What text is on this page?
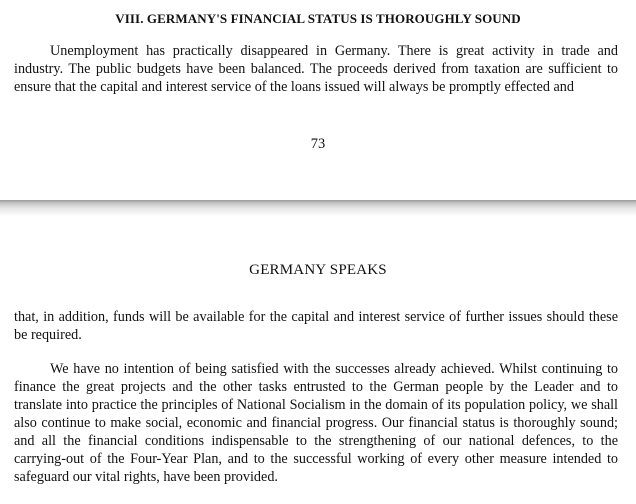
VIII. GERMANY'S FINANCIAL STATUS IS THOROUGHLY SOUND

Unemployment has practically disappeared in Germany. There is great activity in trade and industry. The public budgets have been balanced. The proceeds derived from taxation are sufficient to ensure that the capital and interest service of the loans issued will always be promptly effected and

73
GERMANY SPEAKS

that, in addition, funds will be available for the capital and interest service of further issues should these be required.

We have no intention of being satisfied with the successes already achieved. Whilst continuing to finance the great projects and the other tasks entrusted to the German people by the Leader and to translate into practice the principles of National Socialism in the domain of its population policy, we shall also continue to make social, economic and financial progress. Our financial status is thoroughly sound; and all the financial conditions indispensable to the strengthening of our national defences, to the carrying-out of the Four-Year Plan, and to the successful working of every other measure intended to safeguard our vital rights, have been provided.
